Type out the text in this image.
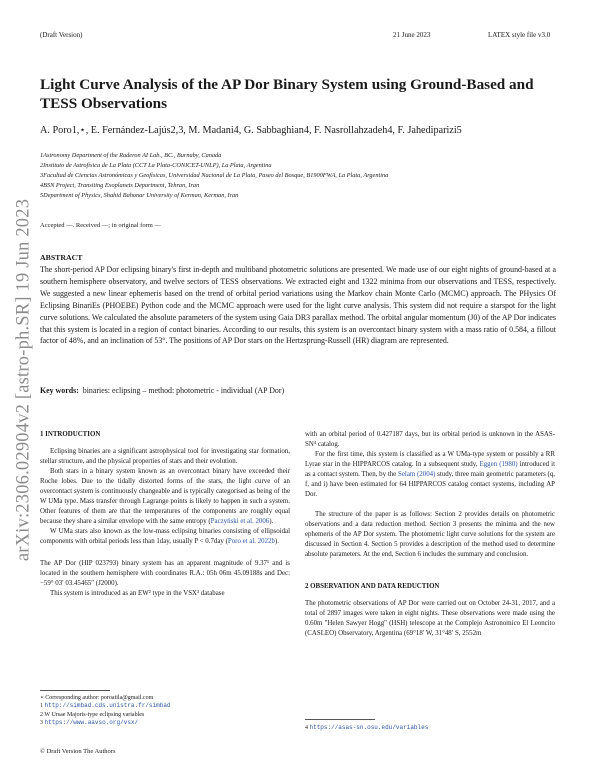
(Draft Version)	21 June 2023	LATEX style file v3.0
arXiv:2306.02904v2 [astro-ph.SR] 19 Jun 2023
Light Curve Analysis of the AP Dor Binary System using Ground-Based and TESS Observations
A. Poro1,⋆, E. Fernández-Lajús2,3, M. Madani4, G. Sabbaghian4, F. Nasrollahzadeh4, F. Jahediparizi5
1Astronomy Department of the Raderon AI Lab., BC., Burnaby, Canada
2Instituto de Astrofísica de La Plata (CCT La Plata-CONICET-UNLP), La Plata, Argentina
3Facultad de Ciencias Astronómicas y Geofísicas, Universidad Nacional de La Plata, Paseo del Bosque, B1900FWA, La Plata, Argentina
4BSN Project, Transiting Exoplanets Department, Tehran, Iran
5Department of Physics, Shahid Bahonar University of Kerman, Kerman, Iran
Accepted —. Received —; in original form —
ABSTRACT
The short-period AP Dor eclipsing binary's first in-depth and multiband photometric solutions are presented. We made use of our eight nights of ground-based at a southern hemisphere observatory, and twelve sectors of TESS observations. We extracted eight and 1322 minima from our observations and TESS, respectively. We suggested a new linear ephemeris based on the trend of orbital period variations using the Markov chain Monte Carlo (MCMC) approach. The PHysics Of Eclipsing BinariEs (PHOEBE) Python code and the MCMC approach were used for the light curve analysis. This system did not require a starspot for the light curve solutions. We calculated the absolute parameters of the system using Gaia DR3 parallax method. The orbital angular momentum (J0) of the AP Dor indicates that this system is located in a region of contact binaries. According to our results, this system is an overcontact binary system with a mass ratio of 0.584, a fillout factor of 48%, and an inclination of 53°. The positions of AP Dor stars on the Hertzsprung-Russell (HR) diagram are represented.
Key words: binaries: eclipsing – method: photometric - individual (AP Dor)
1 INTRODUCTION

Eclipsing binaries are a significant astrophysical tool for investigating star formation, stellar structure, and the physical properties of stars and their evolution.

Both stars in a binary system known as an overcontact binary have exceeded their Roche lobes. Due to the tidally distorted forms of the stars, the light curve of an overcontact system is continuously changeable and is typically categorised as being of the W UMa type. Mass transfer through Lagrange points is likely to happen in such a system. Other features of them are that the temperatures of the components are roughly equal because they share a similar envelope with the same entropy (Paczyński et al. 2006).

W UMa stars also known as the low-mass eclipsing binaries consisting of ellipsoidal components with orbital periods less than 1day, usually P < 0.7day (Poro et al. 2022b).

The AP Dor (HIP 023793) binary system has an apparent magnitude of 9.37¹ and is located in the southern hemisphere with coordinates R.A.: 05h 06m 45.09188s and Dec: −59° 03′ 03.45465″ (J2000).

This system is introduced as an EW² type in the VSX³ database

⋆ Corresponding author: poroatila@gmail.com
1 http://simbad.cds.unistra.fr/simbad
2 W Ursae Majoris-type eclipsing variables
3 https://www.aavso.org/vsx/
© Draft Version The Authors

with an orbital period of 0.427187 days, but its orbital period is unknown in the ASAS-SN⁴ catalog.

For the first time, this system is classified as a W UMa-type system or possibly a RR Lyrae star in the HIPPARCOS catalog. In a subsequent study, Eggen (1980) introduced it as a contact system. Then, by the Selam (2004) study, three main geometric parameters (q, f, and i) have been estimated for 64 HIPPARCOS catalog contact systems, including AP Dor.

The structure of the paper is as follows: Section 2 provides details on photometric observations and a data reduction method. Section 3 presents the minima and the new ephemeris of the AP Dor system. The photometric light curve solutions for the system are discussed in Section 4. Section 5 provides a description of the method used to determine absolute parameters. At the end, Section 6 includes the summary and conclusion.

2 OBSERVATION AND DATA REDUCTION

The photometric observations of AP Dor were carried out on October 24-31, 2017, and a total of 2897 images were taken in eight nights. These observations were made using the 0.60m "Helen Sawyer Hogg" (HSH) telescope at the Complejo Astronomico El Leoncito (CASLEO) Observatory, Argentina (69°18′ W, 31°48′ S, 2552m

4 https://asas-sn.osu.edu/variables
